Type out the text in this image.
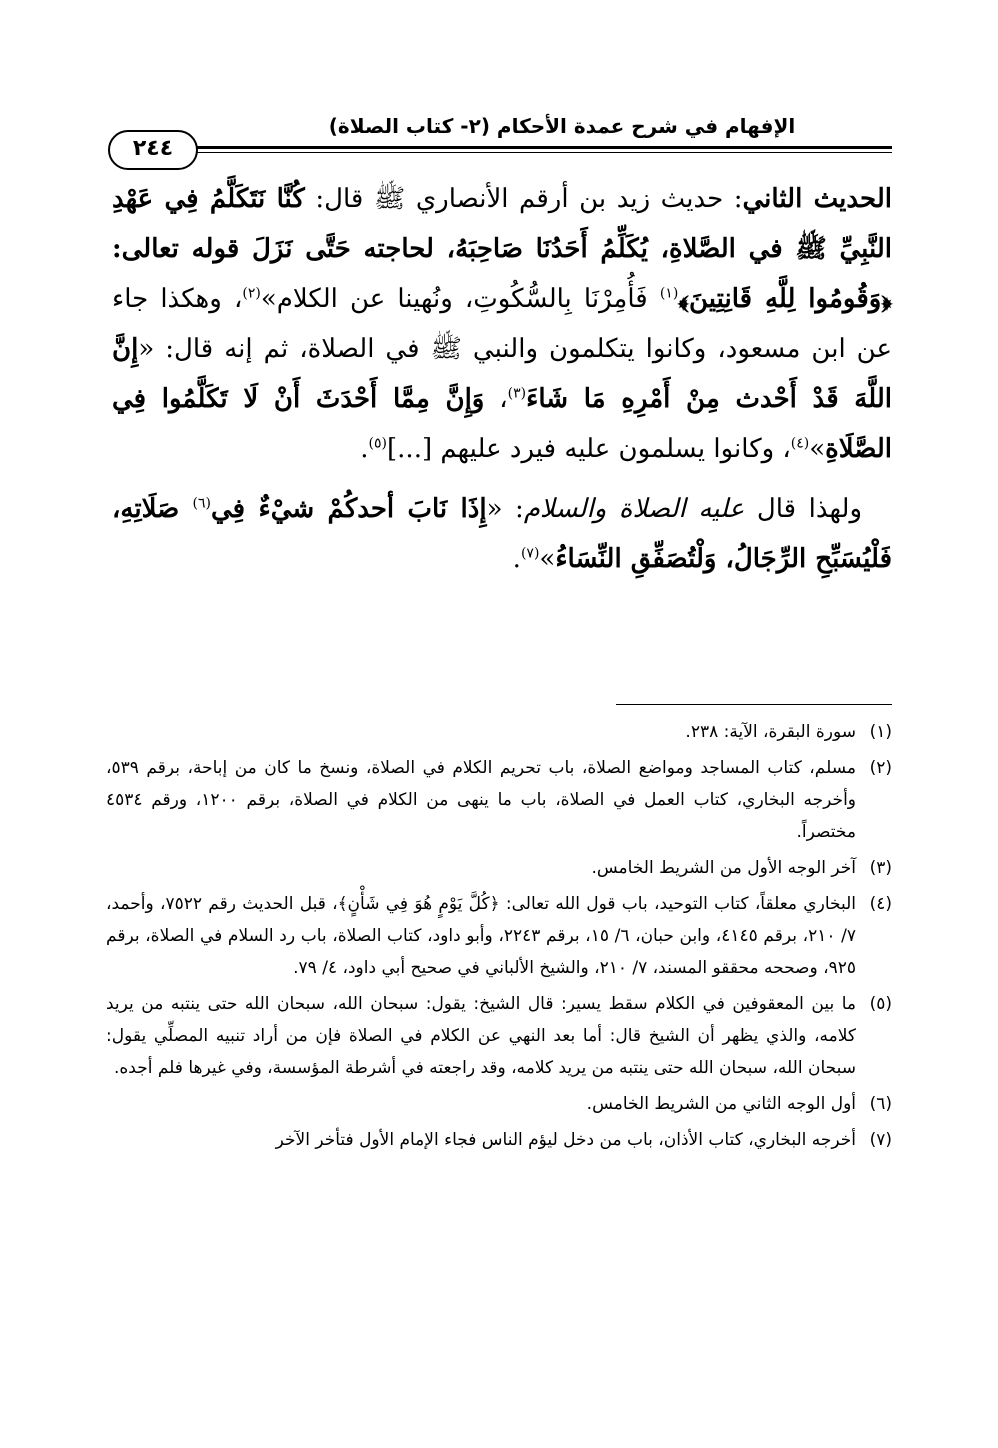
الإفهام في شرح عمدة الأحكام (٢- كتاب الصلاة)
٢٤٤

الحديث الثاني: حديث زيد بن أرقم الأنصاري ﷺ قال: كُنَّا نَتَكَلَّمُ فِي عَهْدِ النَّبِيِّ ﷺ في الصَّلاةِ، يُكَلِّمُ أَحَدُنَا صَاحِبَهُ، لحاجته حَتَّى نَزَلَ قوله تعالى: ﴿وَقُومُوا لِلَّهِ قَانِتِينَ﴾$^{(١)}$ فَأُمِرْنَا بِالسُّكُوتِ، ونُهينا عن الكلام»$^{(٢)}$، وهكذا جاء عن ابن مسعود، وكانوا يتكلمون والنبي ﷺ في الصلاة، ثم إنه قال: «إِنَّ اللَّهَ قَدْ أَحْدث مِنْ أَمْرِهِ مَا شَاءَ$^{(٣)}$، وَإِنَّ مِمَّا أَحْدَثَ أَنْ لَا تَكَلَّمُوا فِي الصَّلَاةِ»$^{(٤)}$، وكانوا يسلمون عليه فيرد عليهم [...]$^{(٥)}$.

ولهذا قال عليه الصلاة والسلام: «إِذَا نَابَ أحدكُمْ شيْءٌ فِي$^{(٦)}$ صَلَاتِهِ، فَلْيُسَبِّحِ الرِّجَالُ، وَلْتُصَفِّقِ النِّسَاءُ»$^{(٧)}$.

(١)سورة البقرة، الآية: ٢٣٨.

(٢)مسلم، كتاب المساجد ومواضع الصلاة، باب تحريم الكلام في الصلاة، ونسخ ما كان من إباحة، برقم ٥٣٩، وأخرجه البخاري، كتاب العمل في الصلاة، باب ما ينهى من الكلام في الصلاة، برقم ١٢٠٠، ورقم ٤٥٣٤ مختصراً.

(٣)آخر الوجه الأول من الشريط الخامس.

(٤)البخاري معلقاً، كتاب التوحيد، باب قول الله تعالى: ﴿كُلَّ يَوْمٍ هُوَ فِي شَأْنٍ﴾، قبل الحديث رقم ٧٥٢٢، وأحمد، ٧/ ٢١٠، برقم ٤١٤٥، وابن حبان، ٦/ ١٥، برقم ٢٢٤٣، وأبو داود، كتاب الصلاة، باب رد السلام في الصلاة، برقم ٩٢٥، وصححه محققو المسند، ٧/ ٢١٠، والشيخ الألباني في صحيح أبي داود، ٤/ ٧٩.

(٥)ما بين المعقوفين في الكلام سقط يسير: قال الشيخ: يقول: سبحان الله، سبحان الله حتى ينتبه من يريد كلامه، والذي يظهر أن الشيخ قال: أما بعد النهي عن الكلام في الصلاة فإن من أراد تنبيه المصلِّي يقول: سبحان الله، سبحان الله حتى ينتبه من يريد كلامه، وقد راجعته في أشرطة المؤسسة، وفي غيرها فلم أجده.

(٦)أول الوجه الثاني من الشريط الخامس.

(٧)أخرجه البخاري، كتاب الأذان، باب من دخل ليؤم الناس فجاء الإمام الأول فتأخر الآخر
